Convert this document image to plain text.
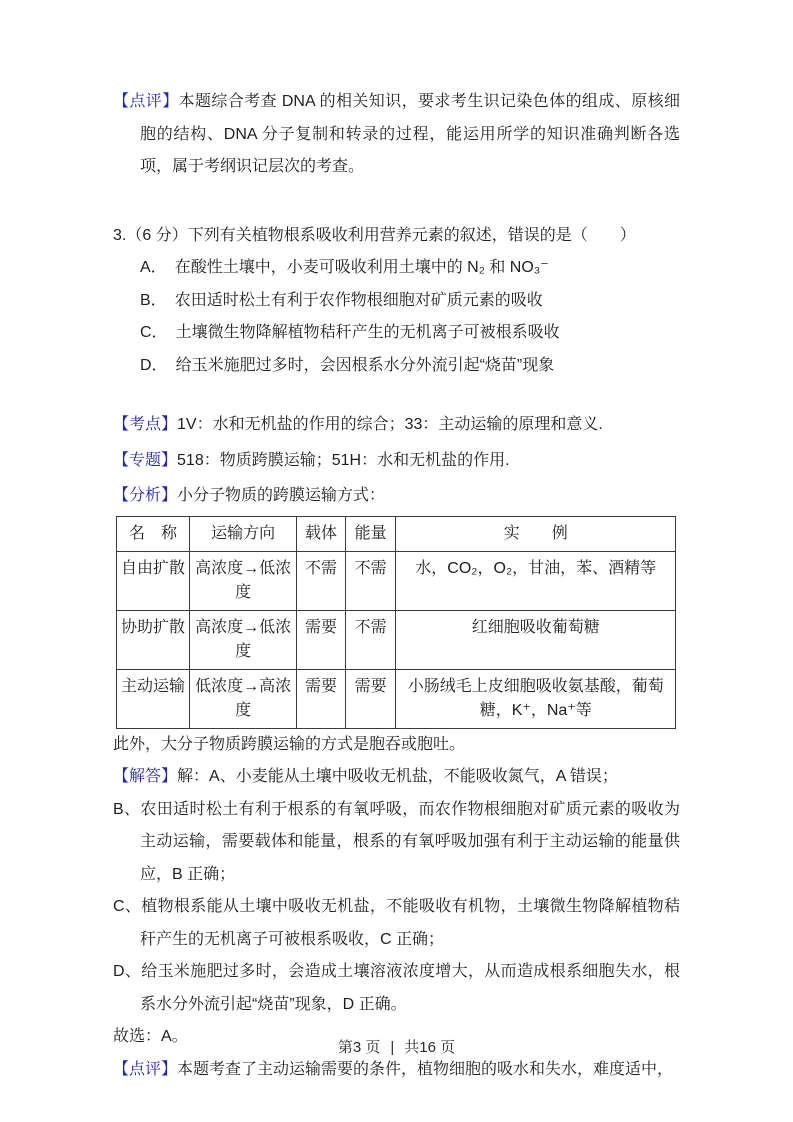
【点评】本题综合考查 DNA 的相关知识，要求考生识记染色体的组成、原核细胞的结构、DNA 分子复制和转录的过程，能运用所学的知识准确判断各选项，属于考纲识记层次的考查。
3.（6 分）下列有关植物根系吸收利用营养元素的叙述，错误的是（　　）
A． 在酸性土壤中，小麦可吸收利用土壤中的 N₂ 和 NO₃⁻
B． 农田适时松土有利于农作物根细胞对矿质元素的吸收
C． 土壤微生物降解植物秸秆产生的无机离子可被根系吸收
D． 给玉米施肥过多时，会因根系水分外流引起“烧苗”现象
【考点】1V：水和无机盐的作用的综合；33：主动运输的原理和意义.
【专题】518：物质跨膜运输；51H：水和无机盐的作用.
【分析】小分子物质的跨膜运输方式：
名　称	运输方向	载体	能量	实　　例
自由扩散	高浓度→低浓度	不需	不需	水，CO₂，O₂，甘油，苯、酒精等
协助扩散	高浓度→低浓度	需要	不需	红细胞吸收葡萄糖
主动运输	低浓度→高浓度	需要	需要	小肠绒毛上皮细胞吸收氨基酸，葡萄糖，K⁺，Na⁺等
此外，大分子物质跨膜运输的方式是胞吞或胞吐。
【解答】解：A、小麦能从土壤中吸收无机盐，不能吸收氮气，A 错误；
B、农田适时松土有利于根系的有氧呼吸，而农作物根细胞对矿质元素的吸收为主动运输，需要载体和能量，根系的有氧呼吸加强有利于主动运输的能量供应，B 正确；
C、植物根系能从土壤中吸收无机盐，不能吸收有机物，土壤微生物降解植物秸秆产生的无机离子可被根系吸收，C 正确；
D、给玉米施肥过多时，会造成土壤溶液浓度增大，从而造成根系细胞失水，根系水分外流引起“烧苗”现象，D 正确。
故选：A。
【点评】本题考查了主动运输需要的条件，植物细胞的吸水和失水，难度适中，
第3 页 | 共16 页
